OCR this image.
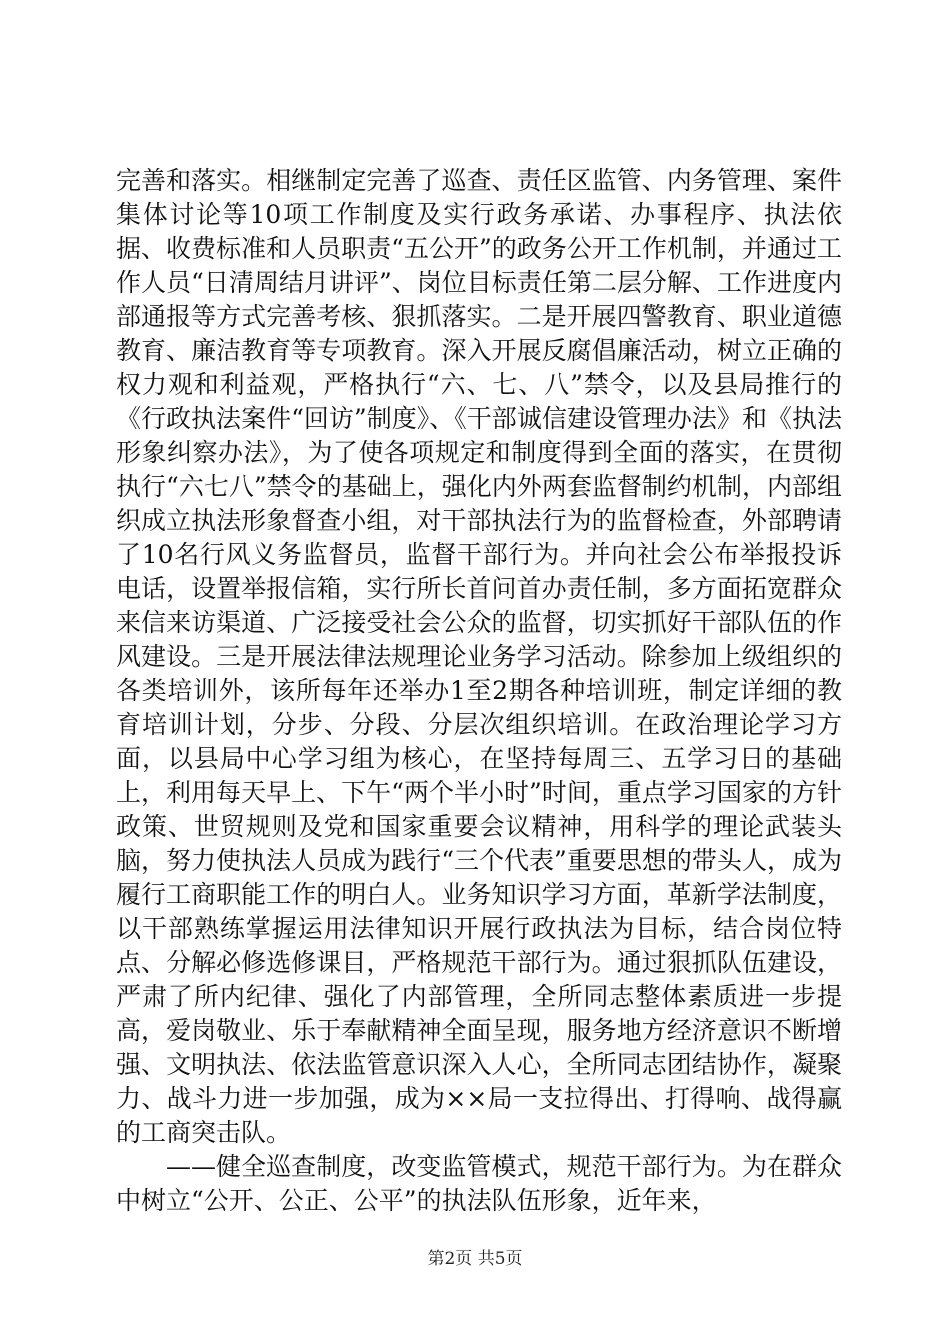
完善和落实。相继制定完善了巡查、责任区监管、内务管理、案件集体讨论等10项工作制度及实行政务承诺、办事程序、执法依据、收费标准和人员职责“五公开”的政务公开工作机制，并通过工作人员“日清周结月讲评”、岗位目标责任第二层分解、工作进度内部通报等方式完善考核、狠抓落实。二是开展四警教育、职业道德教育、廉洁教育等专项教育。深入开展反腐倡廉活动，树立正确的权力观和利益观，严格执行“六、七、八”禁令，以及县局推行的《行政执法案件“回访”制度》、《干部诚信建设管理办法》和《执法形象纠察办法》，为了使各项规定和制度得到全面的落实，在贯彻执行“六七八”禁令的基础上，强化内外两套监督制约机制，内部组织成立执法形象督查小组，对干部执法行为的监督检查，外部聘请了10名行风义务监督员，监督干部行为。并向社会公布举报投诉电话，设置举报信箱，实行所长首问首办责任制，多方面拓宽群众来信来访渠道、广泛接受社会公众的监督，切实抓好干部队伍的作风建设。三是开展法律法规理论业务学习活动。除参加上级组织的各类培训外，该所每年还举办1至2期各种培训班，制定详细的教育培训计划，分步、分段、分层次组织培训。在政治理论学习方面，以县局中心学习组为核心，在坚持每周三、五学习日的基础上，利用每天早上、下午“两个半小时”时间，重点学习国家的方针政策、世贸规则及党和国家重要会议精神，用科学的理论武装头脑，努力使执法人员成为践行“三个代表”重要思想的带头人，成为履行工商职能工作的明白人。业务知识学习方面，革新学法制度，以干部熟练掌握运用法律知识开展行政执法为目标，结合岗位特点、分解必修选修课目，严格规范干部行为。通过狠抓队伍建设，严肃了所内纪律、强化了内部管理，全所同志整体素质进一步提高，爱岗敬业、乐于奉献精神全面呈现，服务地方经济意识不断增强、文明执法、依法监管意识深入人心，全所同志团结协作，凝聚力、战斗力进一步加强，成为××局一支拉得出、打得响、战得赢的工商突击队。

——健全巡查制度，改变监管模式，规范干部行为。为在群众中树立“公开、公正、公平”的执法队伍形象，近年来，

第2页 共5页
